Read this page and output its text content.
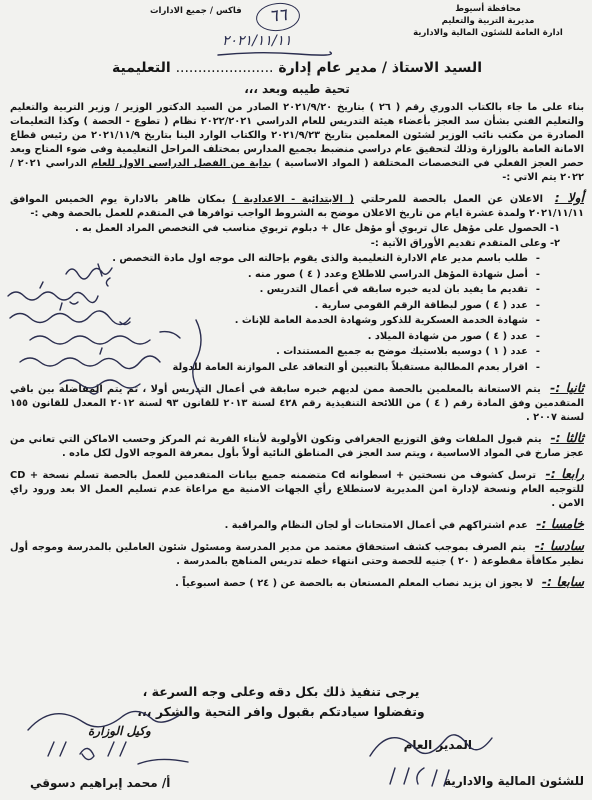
محافظة أسيوط
مديرية التربية والتعليم
ادارة العامة للشئون المالية والادارية
فاكس / جميع الادارات	٦٦
٢٠٢١/١١/١١
السيد الاستاذ / مدير عام إدارة ...................... التعليمية
تحية طيبه وبعد ،،،

بناء على ما جاء بالكتاب الدوري رقم ( ٢٦ ) بتاريخ ٢٠٢١/٩/٢٠ الصادر من السيد الدكتور الوزير / وزير التربية والتعليم والتعليم الفني بشأن سد العجز بأعضاء هيئة التدريس للعام الدراسي ٢٠٢٢/٢٠٢١ نظام ( تطوع - الحصة ) وكذا التعليمات الصادرة من مكتب نائب الوزير لشئون المعلمين بتاريخ ٢٠٢١/٩/٢٣ والكتاب الوارد الينا بتاريخ ٢٠٢١/١١/٩ من رئيس قطاع الامانة العامة بالوزارة وذلك لتحقيق عام دراسي منضبط بجميع المدارس بمختلف المراحل التعليمية وفى ضوء المتاح وبعد حصر العجز الفعلي في التخصصات المختلفة ( المواد الاساسية ) بداية من الفصل الدراسي الاول للعام الدراسي ٢٠٢١ / ٢٠٢٢ يتم الاتي :-

أولا : الاعلان عن العمل بالحصة للمرحلتي ( الابتدائية - الاعدادية ) بمكان ظاهر بالادارة يوم الخميس الموافق ٢٠٢١/١١/١١ ولمدة عشرة ايام من تاريخ الاعلان موضح به الشروط الواجب توافرها في المتقدم للعمل بالحصة وهي :-

١- الحصول على مؤهل عال تربوي أو مؤهل عال + دبلوم تربوي مناسب في التخصص المراد العمل به .
٢- وعلى المتقدم تقديم الأوراق الآتية :-
- طلب باسم مدير عام الادارة التعليمية والذى يقوم بإحالته الى موجه اول مادة التخصص .
- أصل شهادة المؤهل الدراسي للاطلاع وعدد ( ٤ ) صور منه .
- تقديم ما يفيد بان لديه خبره سابقه في أعمال التدريس .
- عدد ( ٤ ) صور لبطاقة الرقم القومي سارية .
- شهادة الخدمة العسكرية للذكور وشهادة الخدمة العامة للإناث .
- عدد ( ٤ ) صور من شهادة الميلاد .
- عدد ( ١ ) دوسيه بلاستيك موضح به جميع المستندات .
- اقرار بعدم المطالبة مستقبلاً بالتعيين أو التعاقد على الموازنة العامة للدولة

ثانيا :- يتم الاستعانة بالمعلمين بالحصة ممن لديهم خبره سابقة في أعمال التدريس أولا ، ثم يتم المفاضلة بين باقي المتقدمين وفق المادة رقم ( ٤ ) من اللائحة التنفيذية رقم ٤٢٨ لسنة ٢٠١٣ للقانون ٩٣ لسنة ٢٠١٢ المعدل للقانون ١٥٥ لسنة ٢٠٠٧ .

ثالثا :- يتم قبول الملفات وفق التوزيع الجغرافي وتكون الأولوية لأبناء القرية ثم المركز وحسب الاماكن التي تعاني من عجز صارخ في المواد الاساسية ، ويتم سد العجز في المناطق النائية أولاً بأول بمعرفة الموجه الاول لكل ماده .

رابعا :- ترسل كشوف من نسختين + اسطوانه Cd متضمنه جميع بيانات المتقدمين للعمل بالحصة تسلم نسخة + CD للتوجيه العام ونسخة لإدارة امن المديرية لاستطلاع رأي الجهات الامنية مع مراعاة عدم تسليم العمل الا بعد ورود راي الامن .

خامسا :- عدم اشتراكهم في أعمال الامتحانات أو لجان النظام والمراقبة .

سادسا :- يتم الصرف بموجب كشف استحقاق معتمد من مدير المدرسة ومسئول شئون العاملين بالمدرسة وموجه أول نظير مكافأة مقطوعة ( ٢٠ ) جنيه للحصة وحتى انتهاء خطه تدريس المناهج بالمدرسة .

سابعا :- لا يجوز ان يزيد نصاب المعلم المستعان به بالحصة عن ( ٢٤ ) حصة اسبوعياً .

يرجى تنفيذ ذلك بكل دقه وعلى وجه السرعة ،
وتفضلوا سيادتكم بقبول وافر التحية والشكر ،،،
وكيل الوزارة
أ/ محمد إبراهيم دسوقي
المدير العام
للشئون المالية والادارية
